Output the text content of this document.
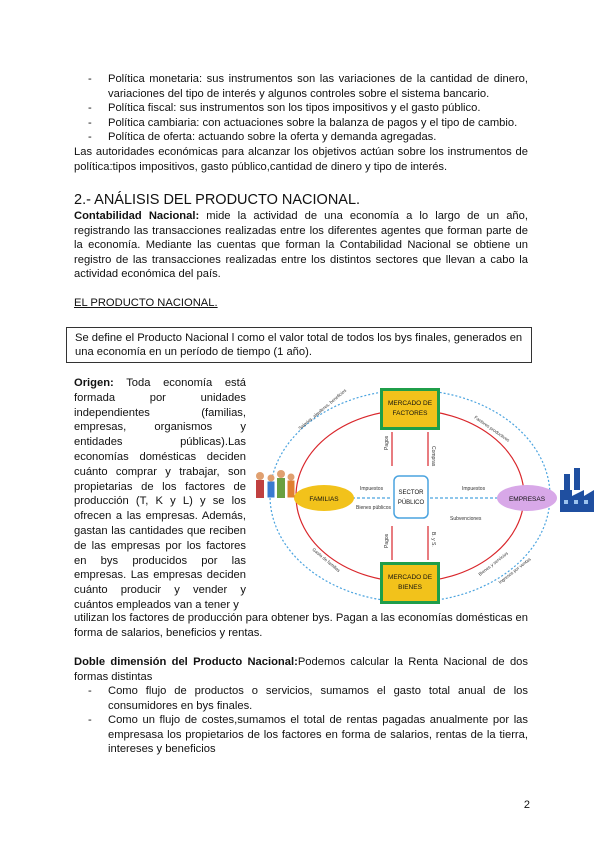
- Política monetaria: sus instrumentos son las variaciones de la cantidad de dinero, variaciones del tipo de interés y algunos controles sobre el sistema bancario.
- Política fiscal: sus instrumentos son los tipos impositivos y el gasto público.
- Política cambiaria: con actuaciones sobre la balanza de pagos y el tipo de cambio.
- Política de oferta: actuando sobre la oferta y demanda agregadas.
Las autoridades económicas para alcanzar los objetivos actúan sobre los instrumentos de política:tipos impositivos, gasto público,cantidad de dinero y tipo de interés.
2.- ANÁLISIS DEL PRODUCTO NACIONAL.
Contabilidad Nacional: mide la actividad de una economía a lo largo de un año, registrando las transacciones realizadas entre los diferentes agentes que forman parte de la economía. Mediante las cuentas que forman la Contabilidad Nacional se obtiene un registro de las transacciones realizadas entre los distintos sectores que llevan a cabo la actividad económica del país.
EL PRODUCTO NACIONAL.
Se define el Producto Nacional l como el valor total de todos los bys finales, generados en una economía en un período de tiempo (1 año).
Origen: Toda economía está formada por unidades independientes (familias, empresas, organismos y entidades públicas).Las economías domésticas deciden cuánto comprar y trabajar, son propietarias de los factores de producción (T, K y L) y se los ofrecen a las empresas. Además, gastan las cantidades que reciben de las empresas por los factores en bys producidos por las empresas. Las empresas deciden cuánto producir y vender y cuántos empleados van a tener y
MERCADO DE
FACTORES
MERCADO DE
BIENES
FAMILIAS	EMPRESAS
SECTOR
PÚBLICO
Impuestos
Bienes públicos
Impuestos
Subvenciones
Compras
Pagos
B. y S.
Pagos
Salarios, alquileres, beneficios	Factores productivos
Gasto de familias	Bienes y servicios
Ingresos por ventas
utilizan los factores de producción para obtener bys. Pagan a las economías domésticas en forma de salarios, beneficios y rentas.
Doble dimensión del Producto Nacional:Podemos calcular la Renta Nacional de dos formas distintas
- Como flujo de productos o servicios, sumamos el gasto total anual de los consumidores en bys finales.
- Como un flujo de costes,sumamos el total de rentas pagadas anualmente por las empresasa los propietarios de los factores en forma de salarios, rentas de la tierra, intereses y beneficios
2
